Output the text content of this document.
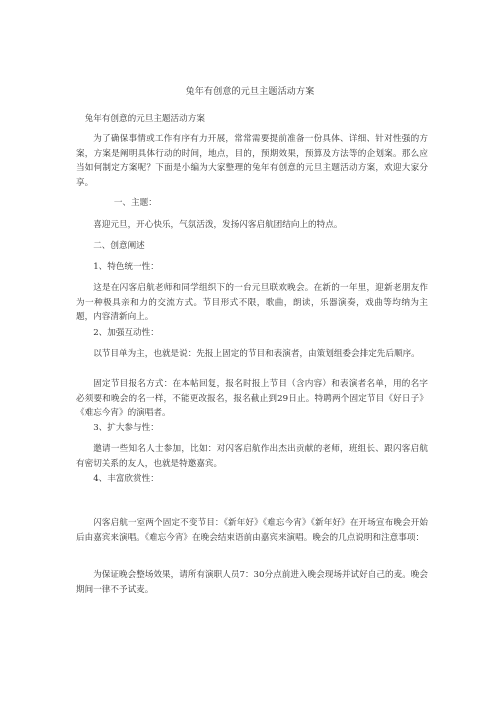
兔年有创意的元旦主题活动方案

兔年有创意的元旦主题活动方案

为了确保事情或工作有序有力开展，常常需要提前准备一份具体、详细、针对性强的方案，方案是阐明具体行动的时间，地点，目的，预期效果，预算及方法等的企划案。那么应当如何制定方案呢？下面是小编为大家整理的兔年有创意的元旦主题活动方案，欢迎大家分享。

一、主题：

喜迎元旦，开心快乐，气氛活泼，发扬闪客启航团结向上的特点。

二、创意阐述

1、特色统一性：

这是在闪客启航老师和同学组织下的一台元旦联欢晚会。在新的一年里，迎新老朋友作为一种极具亲和力的交流方式。节目形式不限，歌曲，朗读，乐器演奏，戏曲等均纳为主题，内容清新向上。

2、加强互动性：

以节目单为主，也就是说：先报上固定的节目和表演者，由策划组委会排定先后顺序。

固定节目报名方式：在本帖回复，报名时报上节目（含内容）和表演者名单，用的名字必须要和晚会的名一样，不能更改报名，报名截止到29日止。特聘两个固定节目《好日子》《难忘今宵》的演唱者。

3、扩大参与性：

邀请一些知名人士参加，比如：对闪客启航作出杰出贡献的老师，班组长、跟闪客启航有密切关系的友人，也就是特邀嘉宾。

4、丰富欣赏性：

闪客启航一室两个固定不变节目：《新年好》《难忘今宵》《新年好》在开场宣布晚会开始后由嘉宾来演唱。《难忘今宵》在晚会结束语前由嘉宾来演唱。晚会的几点说明和注意事项：

为保证晚会整场效果，请所有演职人员7：30分点前进入晚会现场并试好自己的麦。晚会期间一律不予试麦。
